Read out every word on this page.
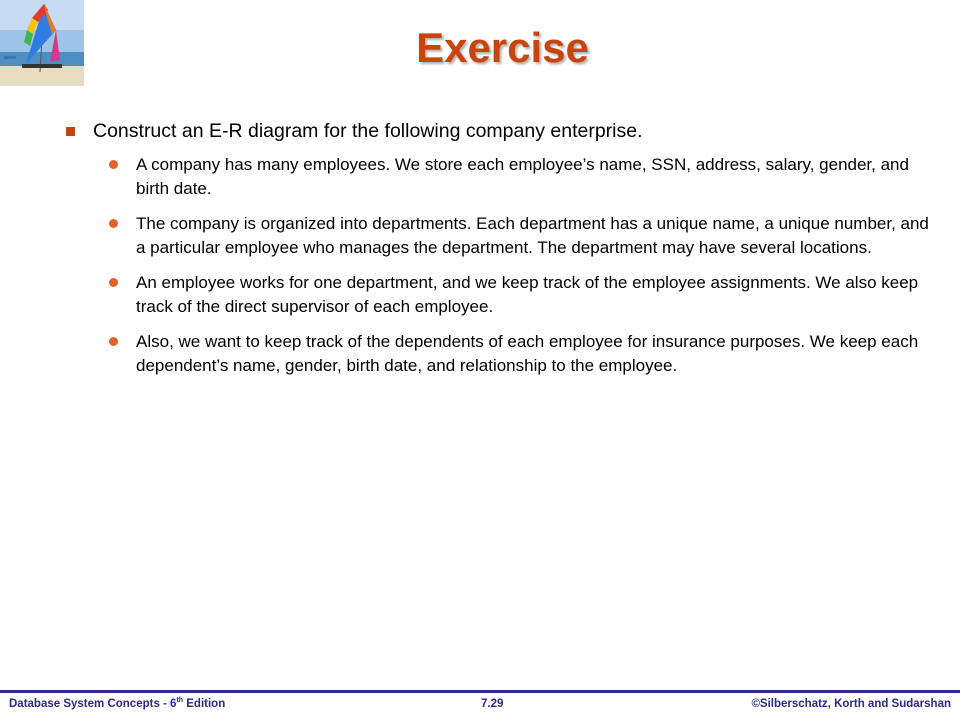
Exercise
Construct an E-R diagram for the following company enterprise.
A company has many employees. We store each employee’s name, SSN, address, salary, gender, and birth date.
The company is organized into departments. Each department has a unique name, a unique number, and a particular employee who manages the department. The department may have several locations.
An employee works for one department, and we keep track of the employee assignments. We also keep track of the direct supervisor of each employee.
Also, we want to keep track of the dependents of each employee for insurance purposes. We keep each dependent’s name, gender, birth date, and relationship to the employee.
Database System Concepts - 6th Edition	7.29	©Silberschatz, Korth and Sudarshan
